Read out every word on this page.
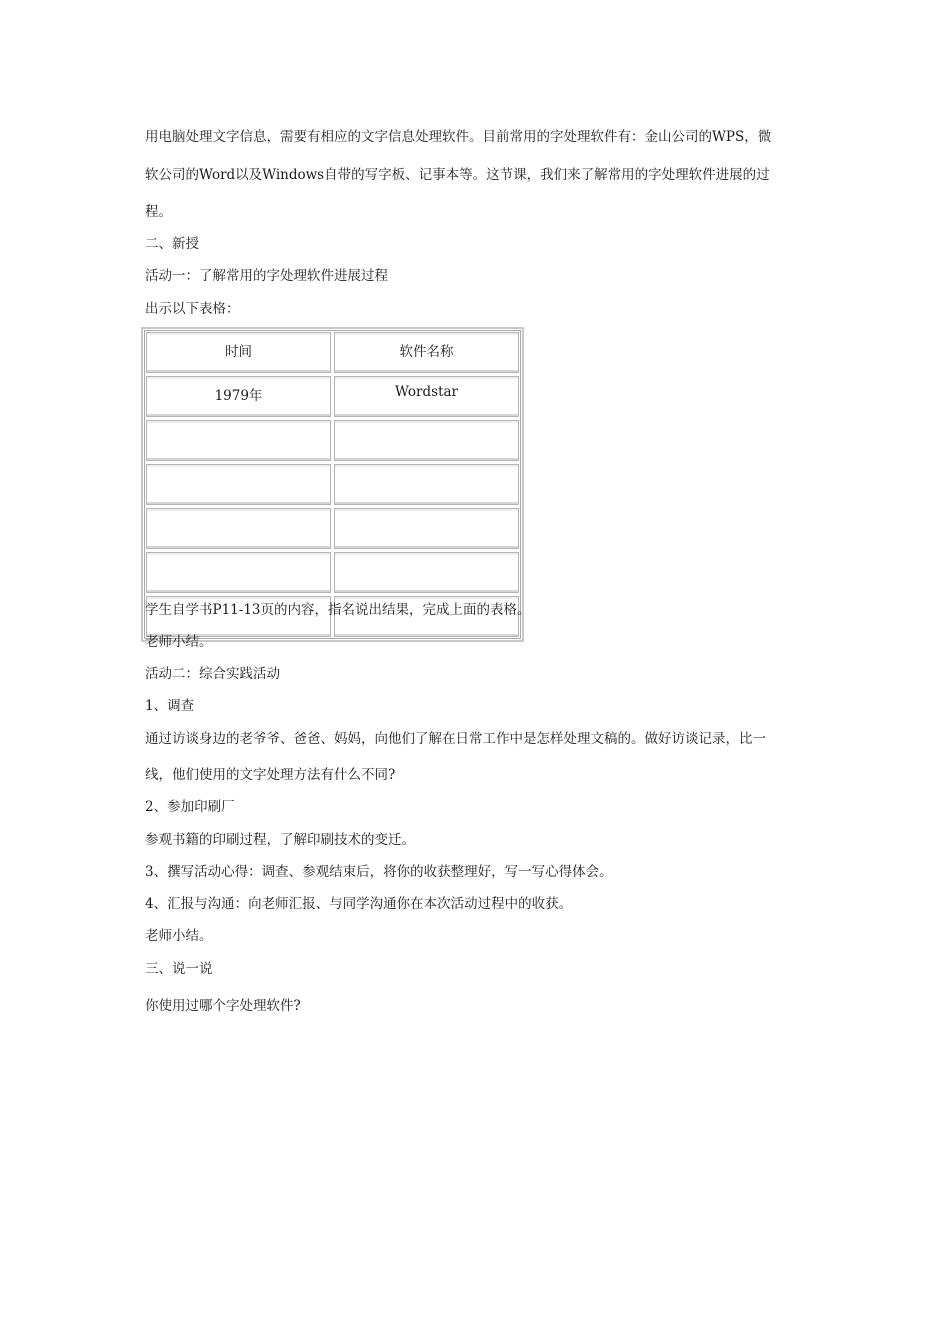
用电脑处理文字信息，需要有相应的文字信息处理软件。目前常用的字处理软件有：金山公司的WPS，微
软公司的Word以及Windows自带的写字板、记事本等。这节课，我们来了解常用的字处理软件进展的过
程。
二、新授
活动一：了解常用的字处理软件进展过程
出示以下表格：
时间	软件名称
1979年	Wordstar

学生自学书P11-13页的内容，指名说出结果，完成上面的表格。
老师小结。
活动二：综合实践活动
1、调查
通过访谈身边的老爷爷、爸爸、妈妈，向他们了解在日常工作中是怎样处理文稿的。做好访谈记录，比一
线，他们使用的文字处理方法有什么不同?
2、参加印刷厂
参观书籍的印刷过程，了解印刷技术的变迁。
3、撰写活动心得：调查、参观结束后，将你的收获整理好，写一写心得体会。
4、汇报与沟通：向老师汇报、与同学沟通你在本次活动过程中的收获。
老师小结。
三、说一说
你使用过哪个字处理软件?
